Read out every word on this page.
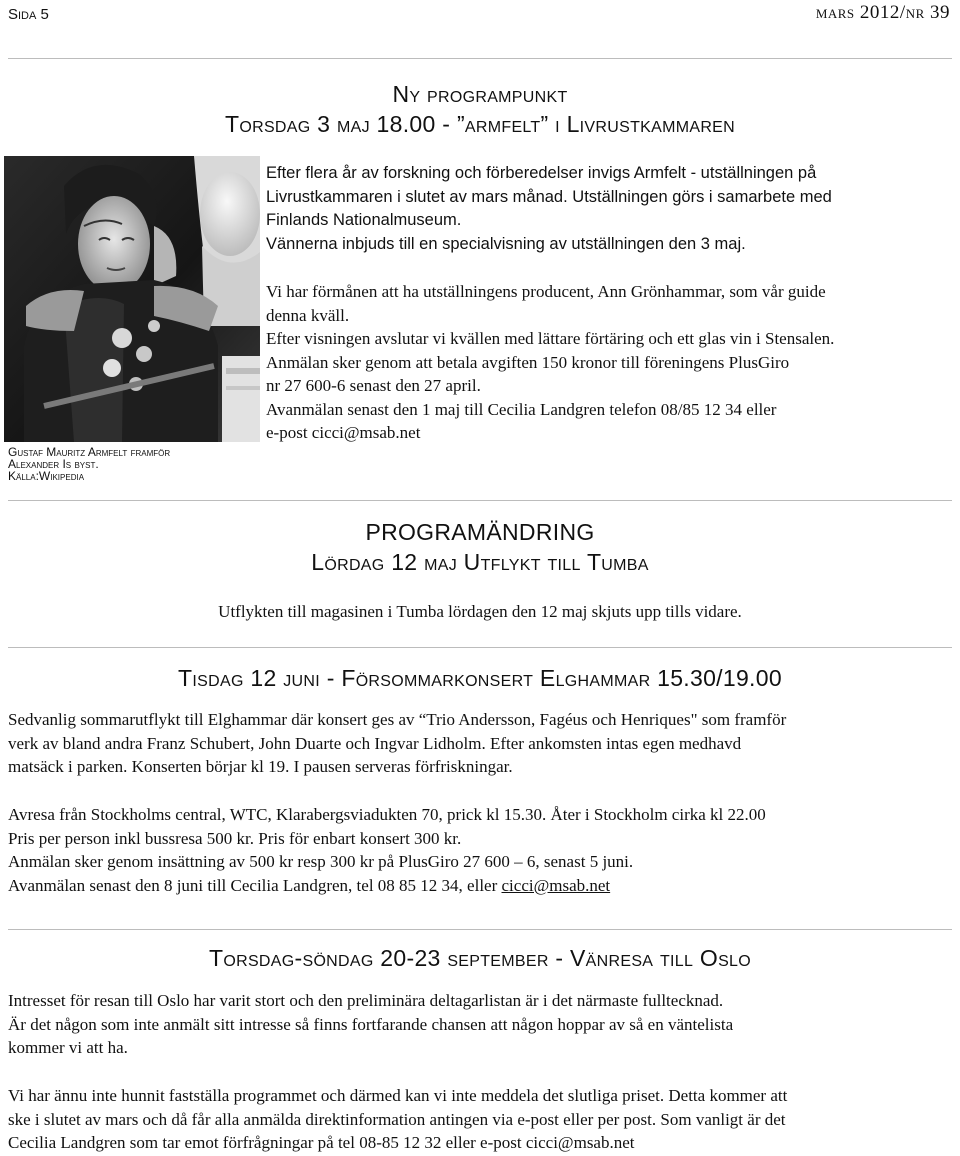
Sida 5	mars 2012/nr 39
Ny programpunkt
Torsdag 3 maj 18.00 - ”armfelt” i Livrustkammaren
Gustaf Mauritz Armfelt framför
Alexander Is byst.
Källa:Wikipedia
Efter flera år av forskning och förberedelser invigs Armfelt - utställningen på
Livrustkammaren i slutet av mars månad. Utställningen görs i samarbete med
Finlands Nationalmuseum.
Vännerna inbjuds till en specialvisning av utställningen den 3 maj.
Vi har förmånen att ha utställningens producent, Ann Grönhammar, som vår guide
denna kväll.
Efter visningen avslutar vi kvällen med lättare förtäring och ett glas vin i Stensalen.
Anmälan sker genom att betala avgiften 150 kronor till föreningens PlusGiro
nr 27 600-6 senast den 27 april.
Avanmälan senast den 1 maj till Cecilia Landgren telefon 08/85 12 34 eller
e-post cicci@msab.net
PROGRAMÄNDRING
Lördag 12 maj Utflykt till Tumba
Utflykten till magasinen i Tumba lördagen den 12 maj skjuts upp tills vidare.
Tisdag 12 juni - Försommarkonsert Elghammar 15.30/19.00
Sedvanlig sommarutflykt till Elghammar där konsert ges av “Trio Andersson, Fagéus och Henriques" som framför
verk av bland andra Franz Schubert, John Duarte och Ingvar Lidholm. Efter ankomsten intas egen medhavd
matsäck i parken. Konserten börjar kl 19. I pausen serveras förfriskningar.
Avresa från Stockholms central, WTC, Klarabergsviadukten 70, prick kl 15.30. Åter i Stockholm cirka kl 22.00
Pris per person inkl bussresa 500 kr. Pris för enbart konsert 300 kr.
Anmälan sker genom insättning av 500 kr resp 300 kr på PlusGiro 27 600 – 6, senast 5 juni.
Avanmälan senast den 8 juni till Cecilia Landgren, tel 08 85 12 34, eller cicci@msab.net
Torsdag-söndag 20-23 september - Vänresa till Oslo
Intresset för resan till Oslo har varit stort och den preliminära deltagarlistan är i det närmaste fulltecknad.
Är det någon som inte anmält sitt intresse så finns fortfarande chansen att någon hoppar av så en väntelista
kommer vi att ha.
Vi har ännu inte hunnit fastställa programmet och därmed kan vi inte meddela det slutliga priset. Detta kommer att
ske i slutet av mars och då får alla anmälda direktinformation antingen via e-post eller per post. Som vanligt är det
Cecilia Landgren som tar emot förfrågningar på tel 08-85 12 32 eller e-post cicci@msab.net
